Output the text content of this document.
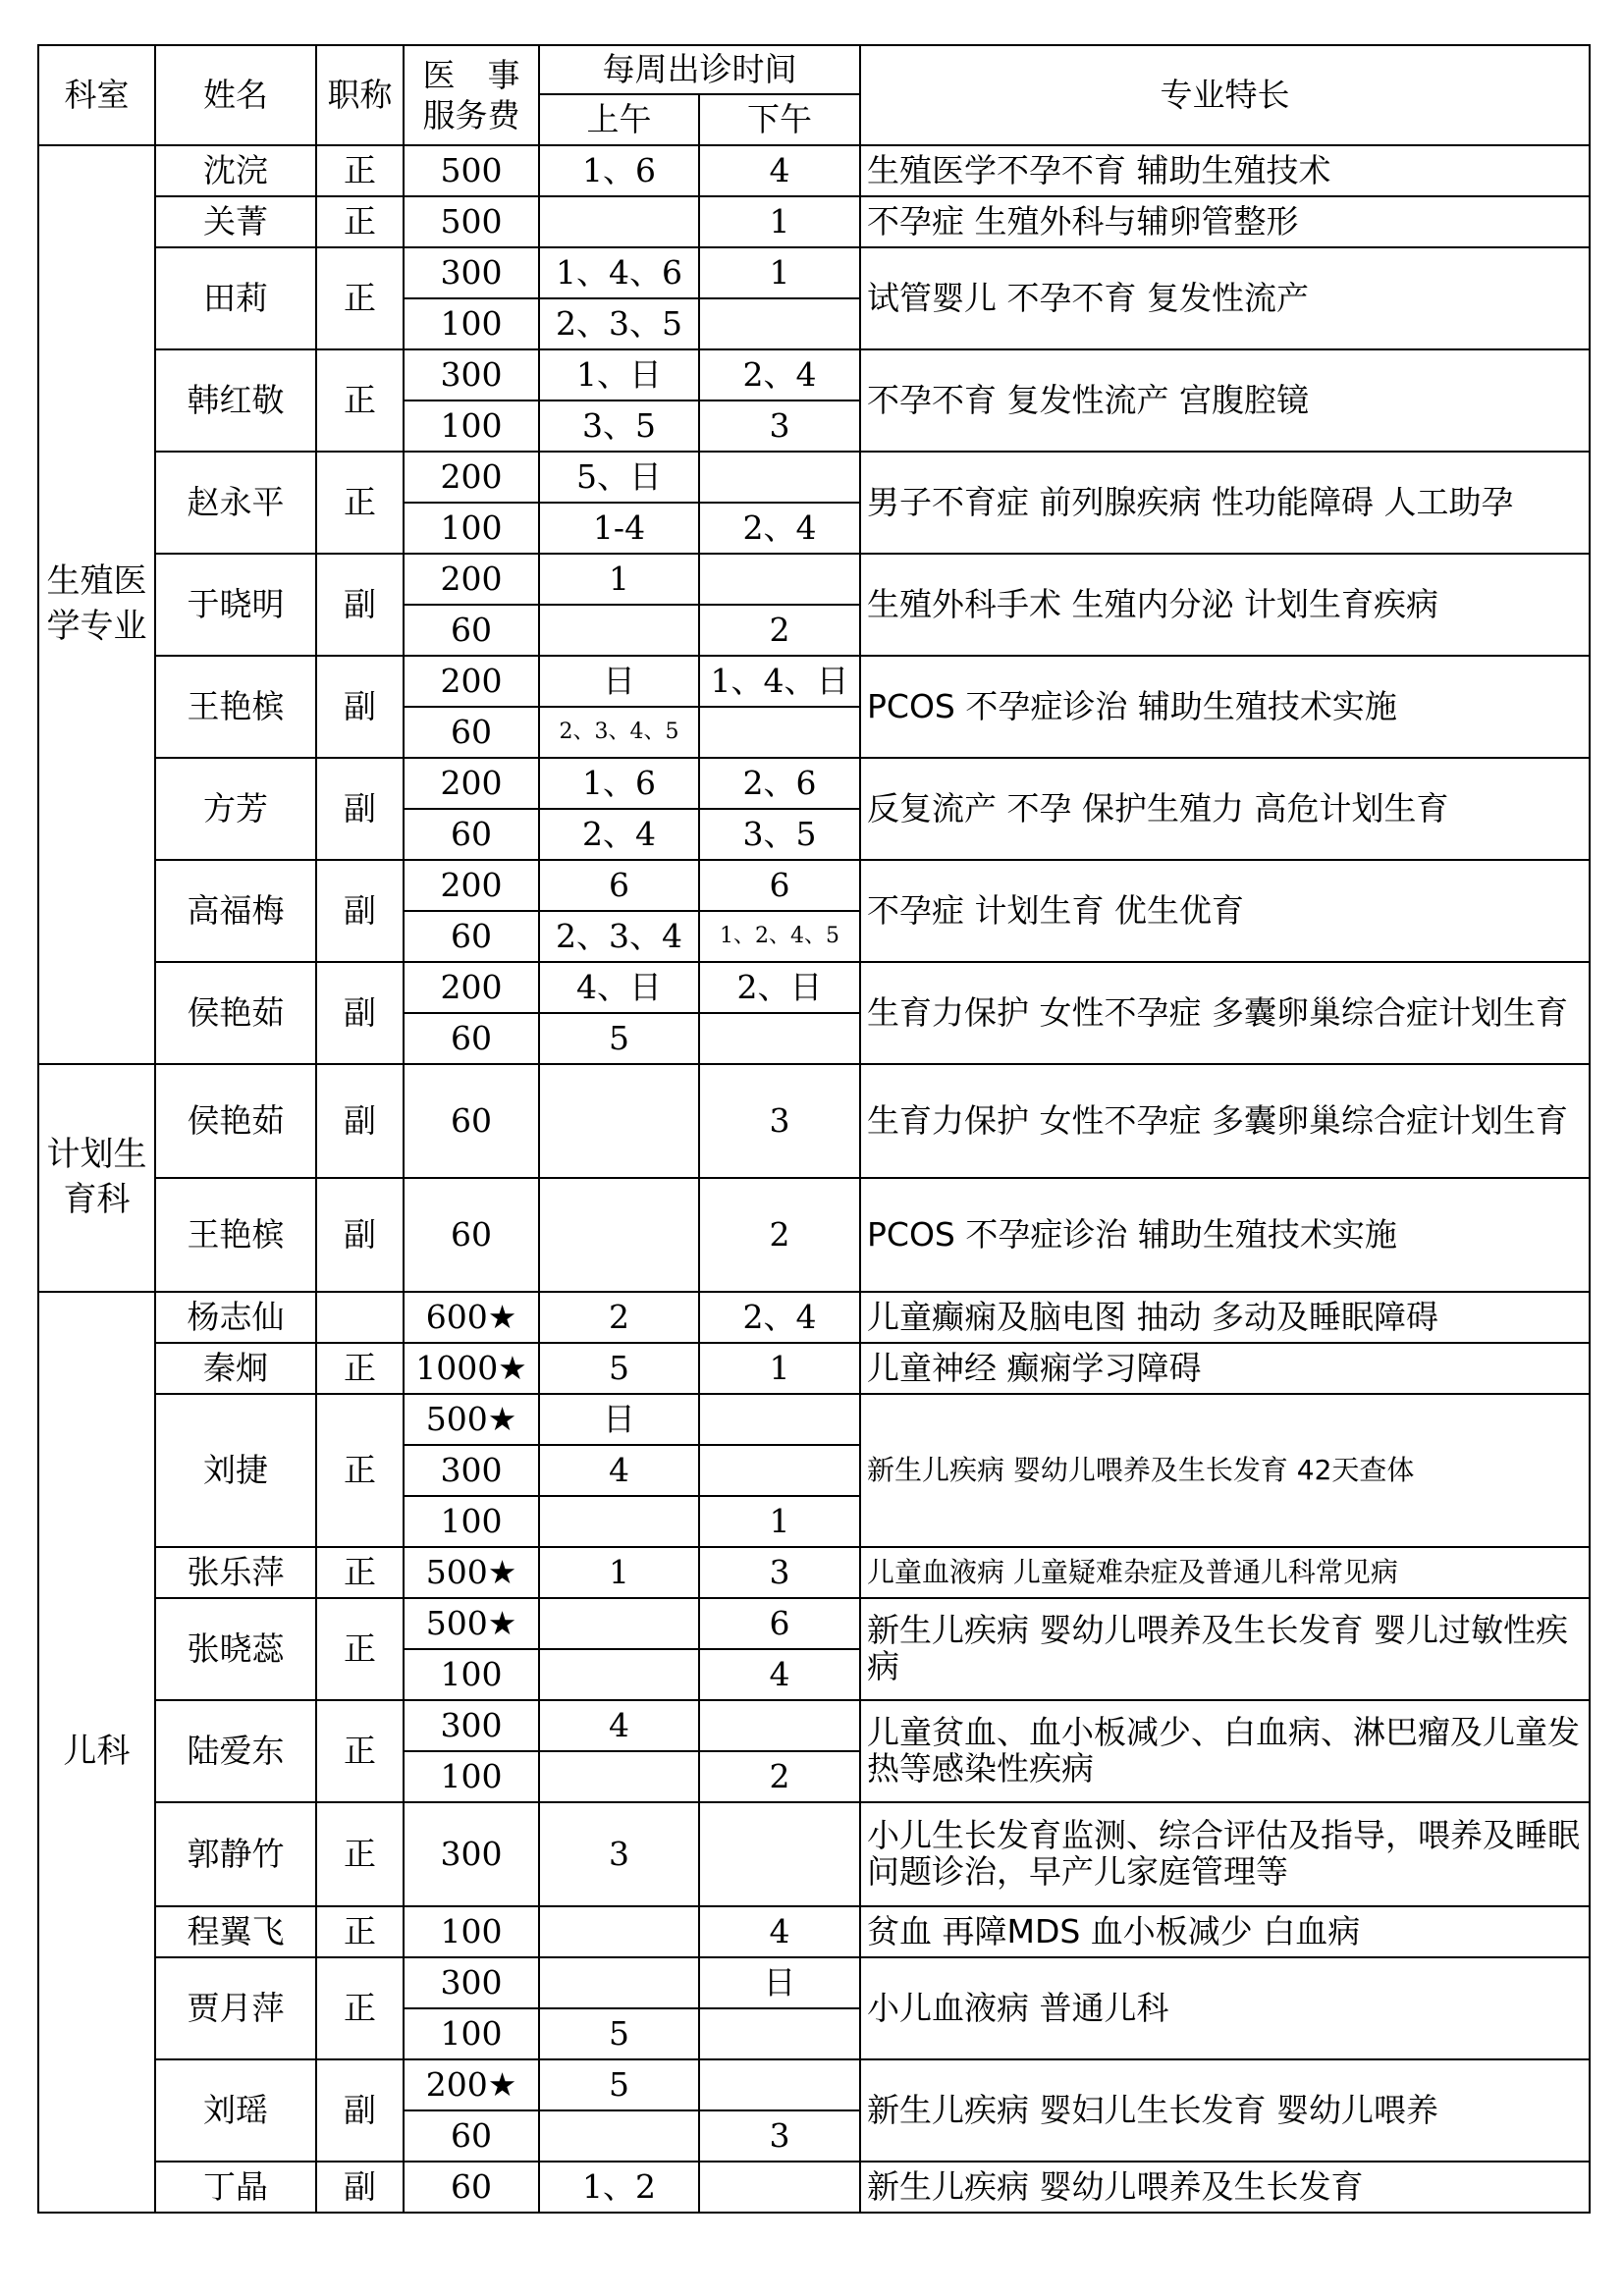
科室	姓名	职称	医　事
服务费	每周出诊时间		专业特长
				上午	下午	
生殖医学专业	沈浣	正	500	1、6	4	生殖医学不孕不育 辅助生殖技术
	关菁	正	500		1	不孕症 生殖外科与辅卵管整形
	田莉	正	300	1、4、6	1	试管婴儿 不孕不育 复发性流产
			100	2、3、5		
	韩红敬	正	300	1、日	2、4	不孕不育 复发性流产 宫腹腔镜
			100	3、5	3	
	赵永平	正	200	5、日		男子不育症 前列腺疾病 性功能障碍 人工助孕
			100	1-4	2、4	
	于晓明	副	200	1		生殖外科手术 生殖内分泌 计划生育疾病
			60		2	
	王艳槟	副	200	日	1、4、日	PCOS 不孕症诊治 辅助生殖技术实施
			60	2、3、4、5		
	方芳	副	200	1、6	2、6	反复流产 不孕 保护生殖力 高危计划生育
			60	2、4	3、5	
	高福梅	副	200	6	6	不孕症 计划生育 优生优育
			60	2、3、4	1、2、4、5	
	侯艳茹	副	200	4、日	2、日	生育力保护 女性不孕症 多囊卵巢综合症计划生育
			60	5		
计划生育科	侯艳茹	副	60		3	生育力保护 女性不孕症 多囊卵巢综合症计划生育
	王艳槟	副	60		2	PCOS 不孕症诊治 辅助生殖技术实施
儿科	杨志仙		600★	2	2、4	儿童癫痫及脑电图 抽动 多动及睡眠障碍
	秦炯	正	1000★	5	1	儿童神经 癫痫学习障碍
	刘捷	正	500★	日		新生儿疾病 婴幼儿喂养及生长发育 42天查体
			300	4		
			100		1	
	张乐萍	正	500★	1	3	儿童血液病 儿童疑难杂症及普通儿科常见病
	张晓蕊	正	500★		6	新生儿疾病 婴幼儿喂养及生长发育 婴儿过敏性疾病
			100		4	
	陆爱东	正	300	4		儿童贫血、血小板减少、白血病、淋巴瘤及儿童发热等感染性疾病
			100		2	
	郭静竹	正	300	3		小儿生长发育监测、综合评估及指导，喂养及睡眠问题诊治，早产儿家庭管理等
	程翼飞	正	100		4	贫血 再障MDS 血小板减少 白血病
	贾月萍	正	300		日	小儿血液病 普通儿科
			100	5		
	刘瑶	副	200★	5		新生儿疾病 婴妇儿生长发育 婴幼儿喂养
			60		3	
	丁晶	副	60	1、2		新生儿疾病 婴幼儿喂养及生长发育
